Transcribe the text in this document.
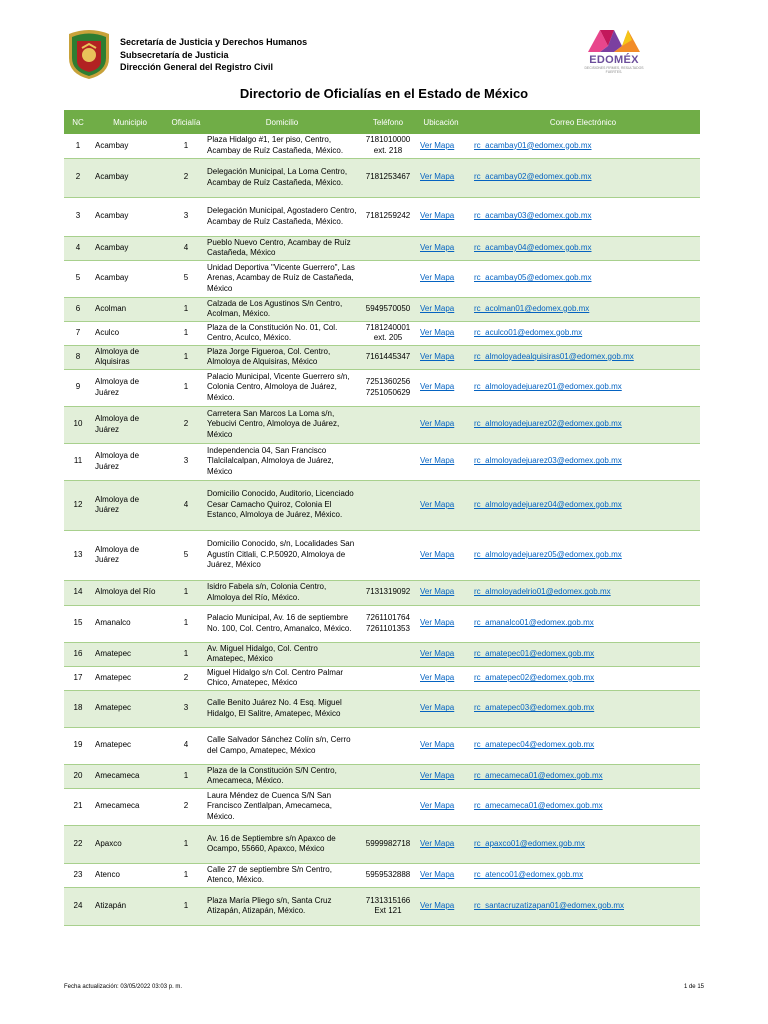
Secretaría de Justicia y Derechos Humanos
Subsecretaría de Justicia
Dirección General del Registro Civil
EDOMÉX
DECISIONES FIRMES, RESULTADOS FUERTES.
Directorio de Oficialías en el Estado de México
NC	Municipio	Oficialía	Domicilio	Teléfono	Ubicación	Correo Electrónico
1	Acambay	1	Plaza Hidalgo #1, 1er piso, Centro, Acambay de Ruíz Castañeda, México.	7181010000 ext. 218	Ver Mapa	rc_acambay01@edomex.gob.mx
2	Acambay	2	Delegación Municipal, La Loma Centro, Acambay de Ruíz Castañeda, México.	7181253467	Ver Mapa	rc_acambay02@edomex.gob.mx
3	Acambay	3	Delegación Municipal, Agostadero Centro, Acambay de Ruíz Castañeda, México.	7181259242	Ver Mapa	rc_acambay03@edomex.gob.mx
4	Acambay	4	Pueblo Nuevo Centro, Acambay de Ruíz Castañeda, México		Ver Mapa	rc_acambay04@edomex.gob.mx
5	Acambay	5	Unidad Deportiva "Vicente Guerrero", Las Arenas, Acambay de Ruíz de Castañeda, México		Ver Mapa	rc_acambay05@edomex.gob.mx
6	Acolman	1	Calzada de Los Agustinos S/n Centro, Acolman, México.	5949570050	Ver Mapa	rc_acolman01@edomex.gob.mx
7	Aculco	1	Plaza de la Constitución No. 01, Col. Centro, Aculco, México.	7181240001 ext. 205	Ver Mapa	rc_aculco01@edomex.gob.mx
8	Almoloya de Alquisiras	1	Plaza Jorge Figueroa, Col. Centro, Almoloya de Alquisiras, México	7161445347	Ver Mapa	rc_almoloyadealquisiras01@edomex.gob.mx
9	Almoloya de Juárez	1	Palacio Municipal, Vicente Guerrero s/n, Colonia Centro, Almoloya de Juárez, México.	7251360256 7251050629	Ver Mapa	rc_almoloyadejuarez01@edomex.gob.mx
10	Almoloya de Juárez	2	Carretera San Marcos La Loma s/n, Yebucivi Centro, Almoloya de Juárez, México		Ver Mapa	rc_almoloyadejuarez02@edomex.gob.mx
11	Almoloya de Juárez	3	Independencia 04, San Francisco Tlalcilalcalpan, Almoloya de Juárez, México		Ver Mapa	rc_almoloyadejuarez03@edomex.gob.mx
12	Almoloya de Juárez	4	Domicilio Conocido, Auditorio, Licenciado Cesar Camacho Quiroz, Colonia El Estanco, Almoloya de Juárez, México.		Ver Mapa	rc_almoloyadejuarez04@edomex.gob.mx
13	Almoloya de Juárez	5	Domicilio Conocido, s/n, Localidades San Agustín Citlali, C.P.50920, Almoloya de Juárez, México		Ver Mapa	rc_almoloyadejuarez05@edomex.gob.mx
14	Almoloya del Río	1	Isidro Fabela s/n, Colonia Centro, Almoloya del Río, México.	7131319092	Ver Mapa	rc_almoloyadelrio01@edomex.gob.mx
15	Amanalco	1	Palacio Municipal, Av. 16 de septiembre No. 100, Col. Centro, Amanalco, México.	7261101764 7261101353	Ver Mapa	rc_amanalco01@edomex.gob.mx
16	Amatepec	1	Av. Miguel Hidalgo, Col. Centro Amatepec, México		Ver Mapa	rc_amatepec01@edomex.gob.mx
17	Amatepec	2	Miguel Hidalgo s/n Col. Centro Palmar Chico, Amatepec, México		Ver Mapa	rc_amatepec02@edomex.gob.mx
18	Amatepec	3	Calle Benito Juárez No. 4 Esq. Miguel Hidalgo, El Salitre, Amatepec, México		Ver Mapa	rc_amatepec03@edomex.gob.mx
19	Amatepec	4	Calle Salvador Sánchez Colín s/n, Cerro del Campo, Amatepec, México		Ver Mapa	rc_amatepec04@edomex.gob.mx
20	Amecameca	1	Plaza de la Constitución S/N Centro, Amecameca, México.		Ver Mapa	rc_amecameca01@edomex.gob.mx
21	Amecameca	2	Laura Méndez de Cuenca S/N San Francisco Zentlalpan, Amecameca, México.		Ver Mapa	rc_amecameca01@edomex.gob.mx
22	Apaxco	1	Av. 16 de Septiembre s/n Apaxco de Ocampo, 55660, Apaxco, México	5999982718	Ver Mapa	rc_apaxco01@edomex.gob.mx
23	Atenco	1	Calle 27 de septiembre S/n Centro, Atenco, México.	5959532888	Ver Mapa	rc_atenco01@edomex.gob.mx
24	Atizapán	1	Plaza María Pliego s/n, Santa Cruz Atizapán, Atizapán, México.	7131315166 Ext 121	Ver Mapa	rc_santacruzatizapan01@edomex.gob.mx
Fecha actualización: 03/05/2022 03:03 p. m.	1 de 15
